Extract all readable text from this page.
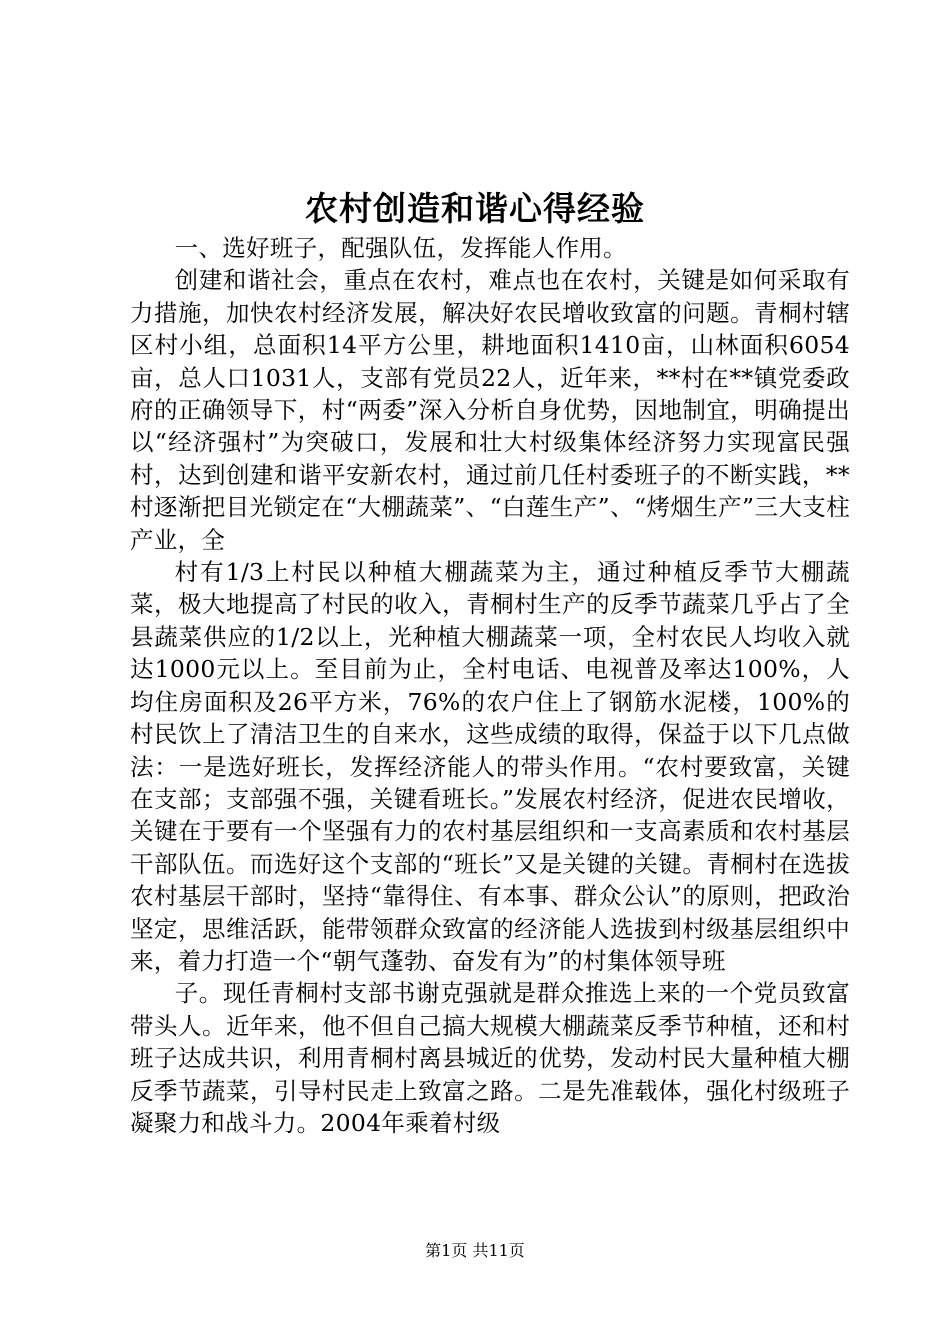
农村创造和谐心得经验

一、选好班子，配强队伍，发挥能人作用。

创建和谐社会，重点在农村，难点也在农村，关键是如何采取有力措施，加快农村经济发展，解决好农民增收致富的问题。青桐村辖区村小组，总面积14平方公里，耕地面积1410亩，山林面积6054亩，总人口1031人，支部有党员22人，近年来，**村在**镇党委政府的正确领导下，村“两委”深入分析自身优势，因地制宜，明确提出以“经济强村”为突破口，发展和壮大村级集体经济努力实现富民强村，达到创建和谐平安新农村，通过前几任村委班子的不断实践，**村逐渐把目光锁定在“大棚蔬菜”、“白莲生产”、“烤烟生产”三大支柱产业，全

村有1/3上村民以种植大棚蔬菜为主，通过种植反季节大棚蔬菜，极大地提高了村民的收入，青桐村生产的反季节蔬菜几乎占了全县蔬菜供应的1/2以上，光种植大棚蔬菜一项，全村农民人均收入就达1000元以上。至目前为止，全村电话、电视普及率达100%，人均住房面积及26平方米，76%的农户住上了钢筋水泥楼，100%的村民饮上了清洁卫生的自来水，这些成绩的取得，保益于以下几点做法：一是选好班长，发挥经济能人的带头作用。“农村要致富，关键在支部；支部强不强，关键看班长。”发展农村经济，促进农民增收，关键在于要有一个坚强有力的农村基层组织和一支高素质和农村基层干部队伍。而选好这个支部的“班长”又是关键的关键。青桐村在选拔农村基层干部时，坚持“靠得住、有本事、群众公认”的原则，把政治坚定，思维活跃，能带领群众致富的经济能人选拔到村级基层组织中来，着力打造一个“朝气蓬勃、奋发有为”的村集体领导班

子。现任青桐村支部书谢克强就是群众推选上来的一个党员致富带头人。近年来，他不但自己搞大规模大棚蔬菜反季节种植，还和村班子达成共识，利用青桐村离县城近的优势，发动村民大量种植大棚反季节蔬菜，引导村民走上致富之路。二是先准载体，强化村级班子凝聚力和战斗力。2004年乘着村级

第1页 共11页
